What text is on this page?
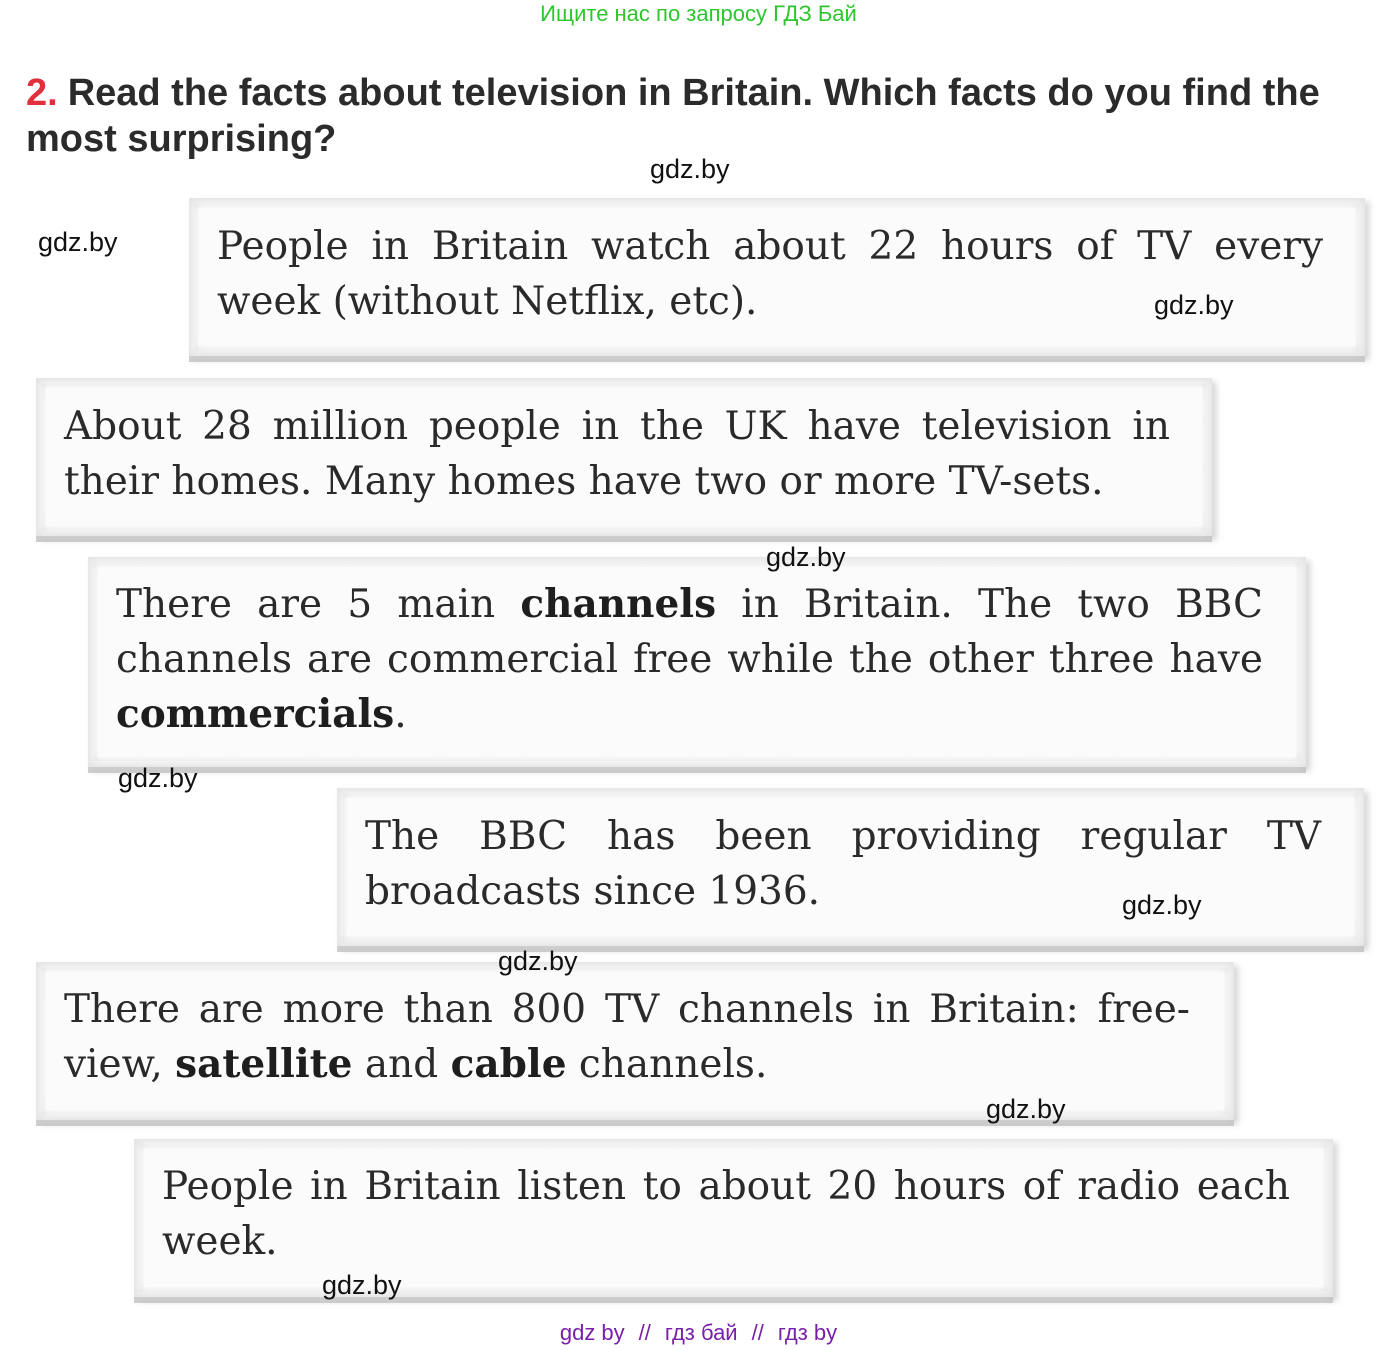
Ищите нас по запросу ГДЗ Бай
2. Read the facts about television in Britain. Which facts do you find the most surprising?
People in Britain watch about 22 hours of TV every week (without Netflix, etc).
About 28 million people in the UK have television in their homes. Many homes have two or more TV-sets.
There are 5 main channels in Britain. The two BBC channels are commercial free while the other three have commercials.
The BBC has been providing regular TV broadcasts since 1936.
There are more than 800 TV channels in Britain: free-view, satellite and cable channels.
People in Britain listen to about 20 hours of radio each week.
gdz.by
gdz.by
gdz.by
gdz.by
gdz.by
gdz.by
gdz.by
gdz.by
gdz.by
gdz by // гдз бай // гдз by
